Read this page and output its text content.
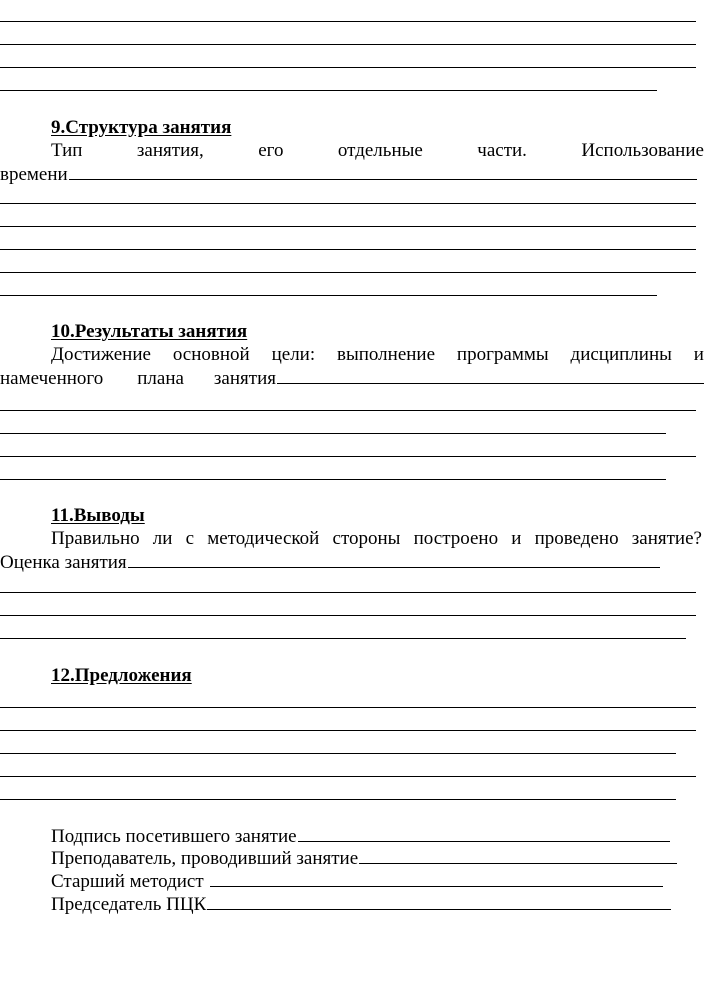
9.Структура занятия
Тип	занятия,	его	отдельные	части.	Использование
времени
10.Результаты занятия
Достижение основной цели: выполнение программы дисциплины и
намеченного плана занятия
11.Выводы
Правильно ли с методической стороны построено и проведено занятие?
Оценка занятия
12.Предложения
Подпись посетившего занятие
Преподаватель, проводивший занятие
Старший методист
Председатель ПЦК
